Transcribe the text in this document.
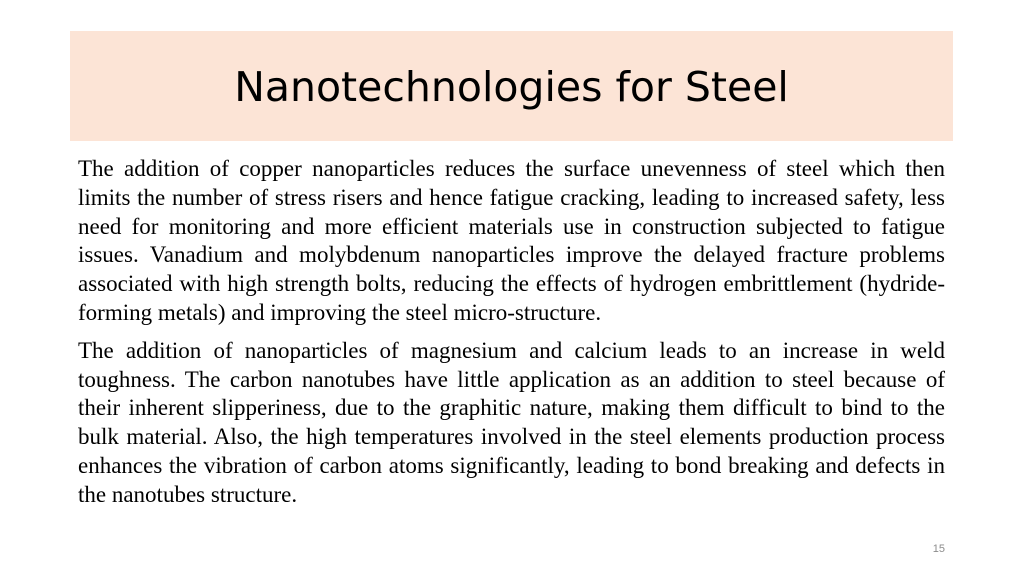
Nanotechnologies for Steel

The addition of copper nanoparticles reduces the surface unevenness of steel which then limits the number of stress risers and hence fatigue cracking, leading to increased safety, less need for monitoring and more efficient materials use in construction subjected to fatigue issues. Vanadium and molybdenum nanoparticles improve the delayed fracture problems associated with high strength bolts, reducing the effects of hydrogen embrittlement (hydride-forming metals) and improving the steel micro-structure.

The addition of nanoparticles of magnesium and calcium leads to an increase in weld toughness. The carbon nanotubes have little application as an addition to steel because of their inherent slipperiness, due to the graphitic nature, making them difficult to bind to the bulk material. Also, the high temperatures involved in the steel elements production process enhances the vibration of carbon atoms significantly, leading to bond breaking and defects in the nanotubes structure.

15
